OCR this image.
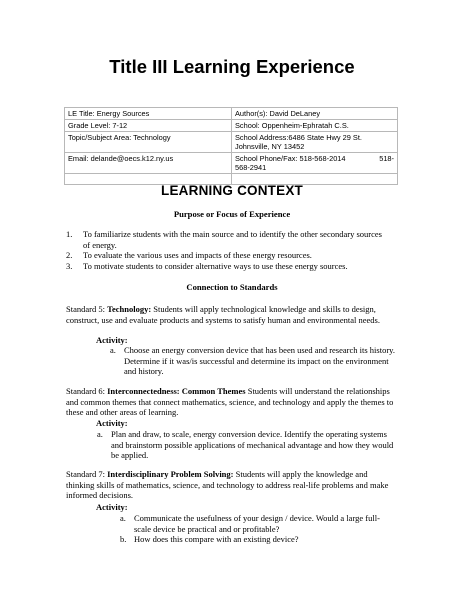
Title III Learning Experience
LE Title: Energy Sources	Author(s): David DeLaney
Grade Level: 7-12	School: Oppenheim-Ephratah C.S.
Topic/Subject Area: Technology	School Address:6486 State Hwy 29 St.
Johnsville, NY 13452

Email: delande@oecs.k12.ny.us	School Phone/Fax: 518-568-2014 518-
568-2941

LEARNING CONTEXT
Purpose or Focus of Experience
1. To familiarize students with the main source and to identify the other secondary sources of energy.
2. To evaluate the various uses and impacts of these energy resources.
3. To motivate students to consider alternative ways to use these energy sources.
Connection to Standards
Standard 5: Technology: Students will apply technological knowledge and skills to design, construct, use and evaluate products and systems to satisfy human and environmental needs.
Activity:
a. Choose an energy conversion device that has been used and research its history. Determine if it was/is successful and determine its impact on the environment and history.
Standard 6: Interconnectedness: Common Themes Students will understand the relationships and common themes that connect mathematics, science, and technology and apply the themes to these and other areas of learning.
Activity:
a. Plan and draw, to scale, energy conversion device. Identify the operating systems and brainstorm possible applications of mechanical advantage and how they would be applied.
Standard 7: Interdisciplinary Problem Solving: Students will apply the knowledge and thinking skills of mathematics, science, and technology to address real-life problems and make informed decisions.
Activity:
a. Communicate the usefulness of your design / device. Would a large full-scale device be practical and or profitable?
b. How does this compare with an existing device?
